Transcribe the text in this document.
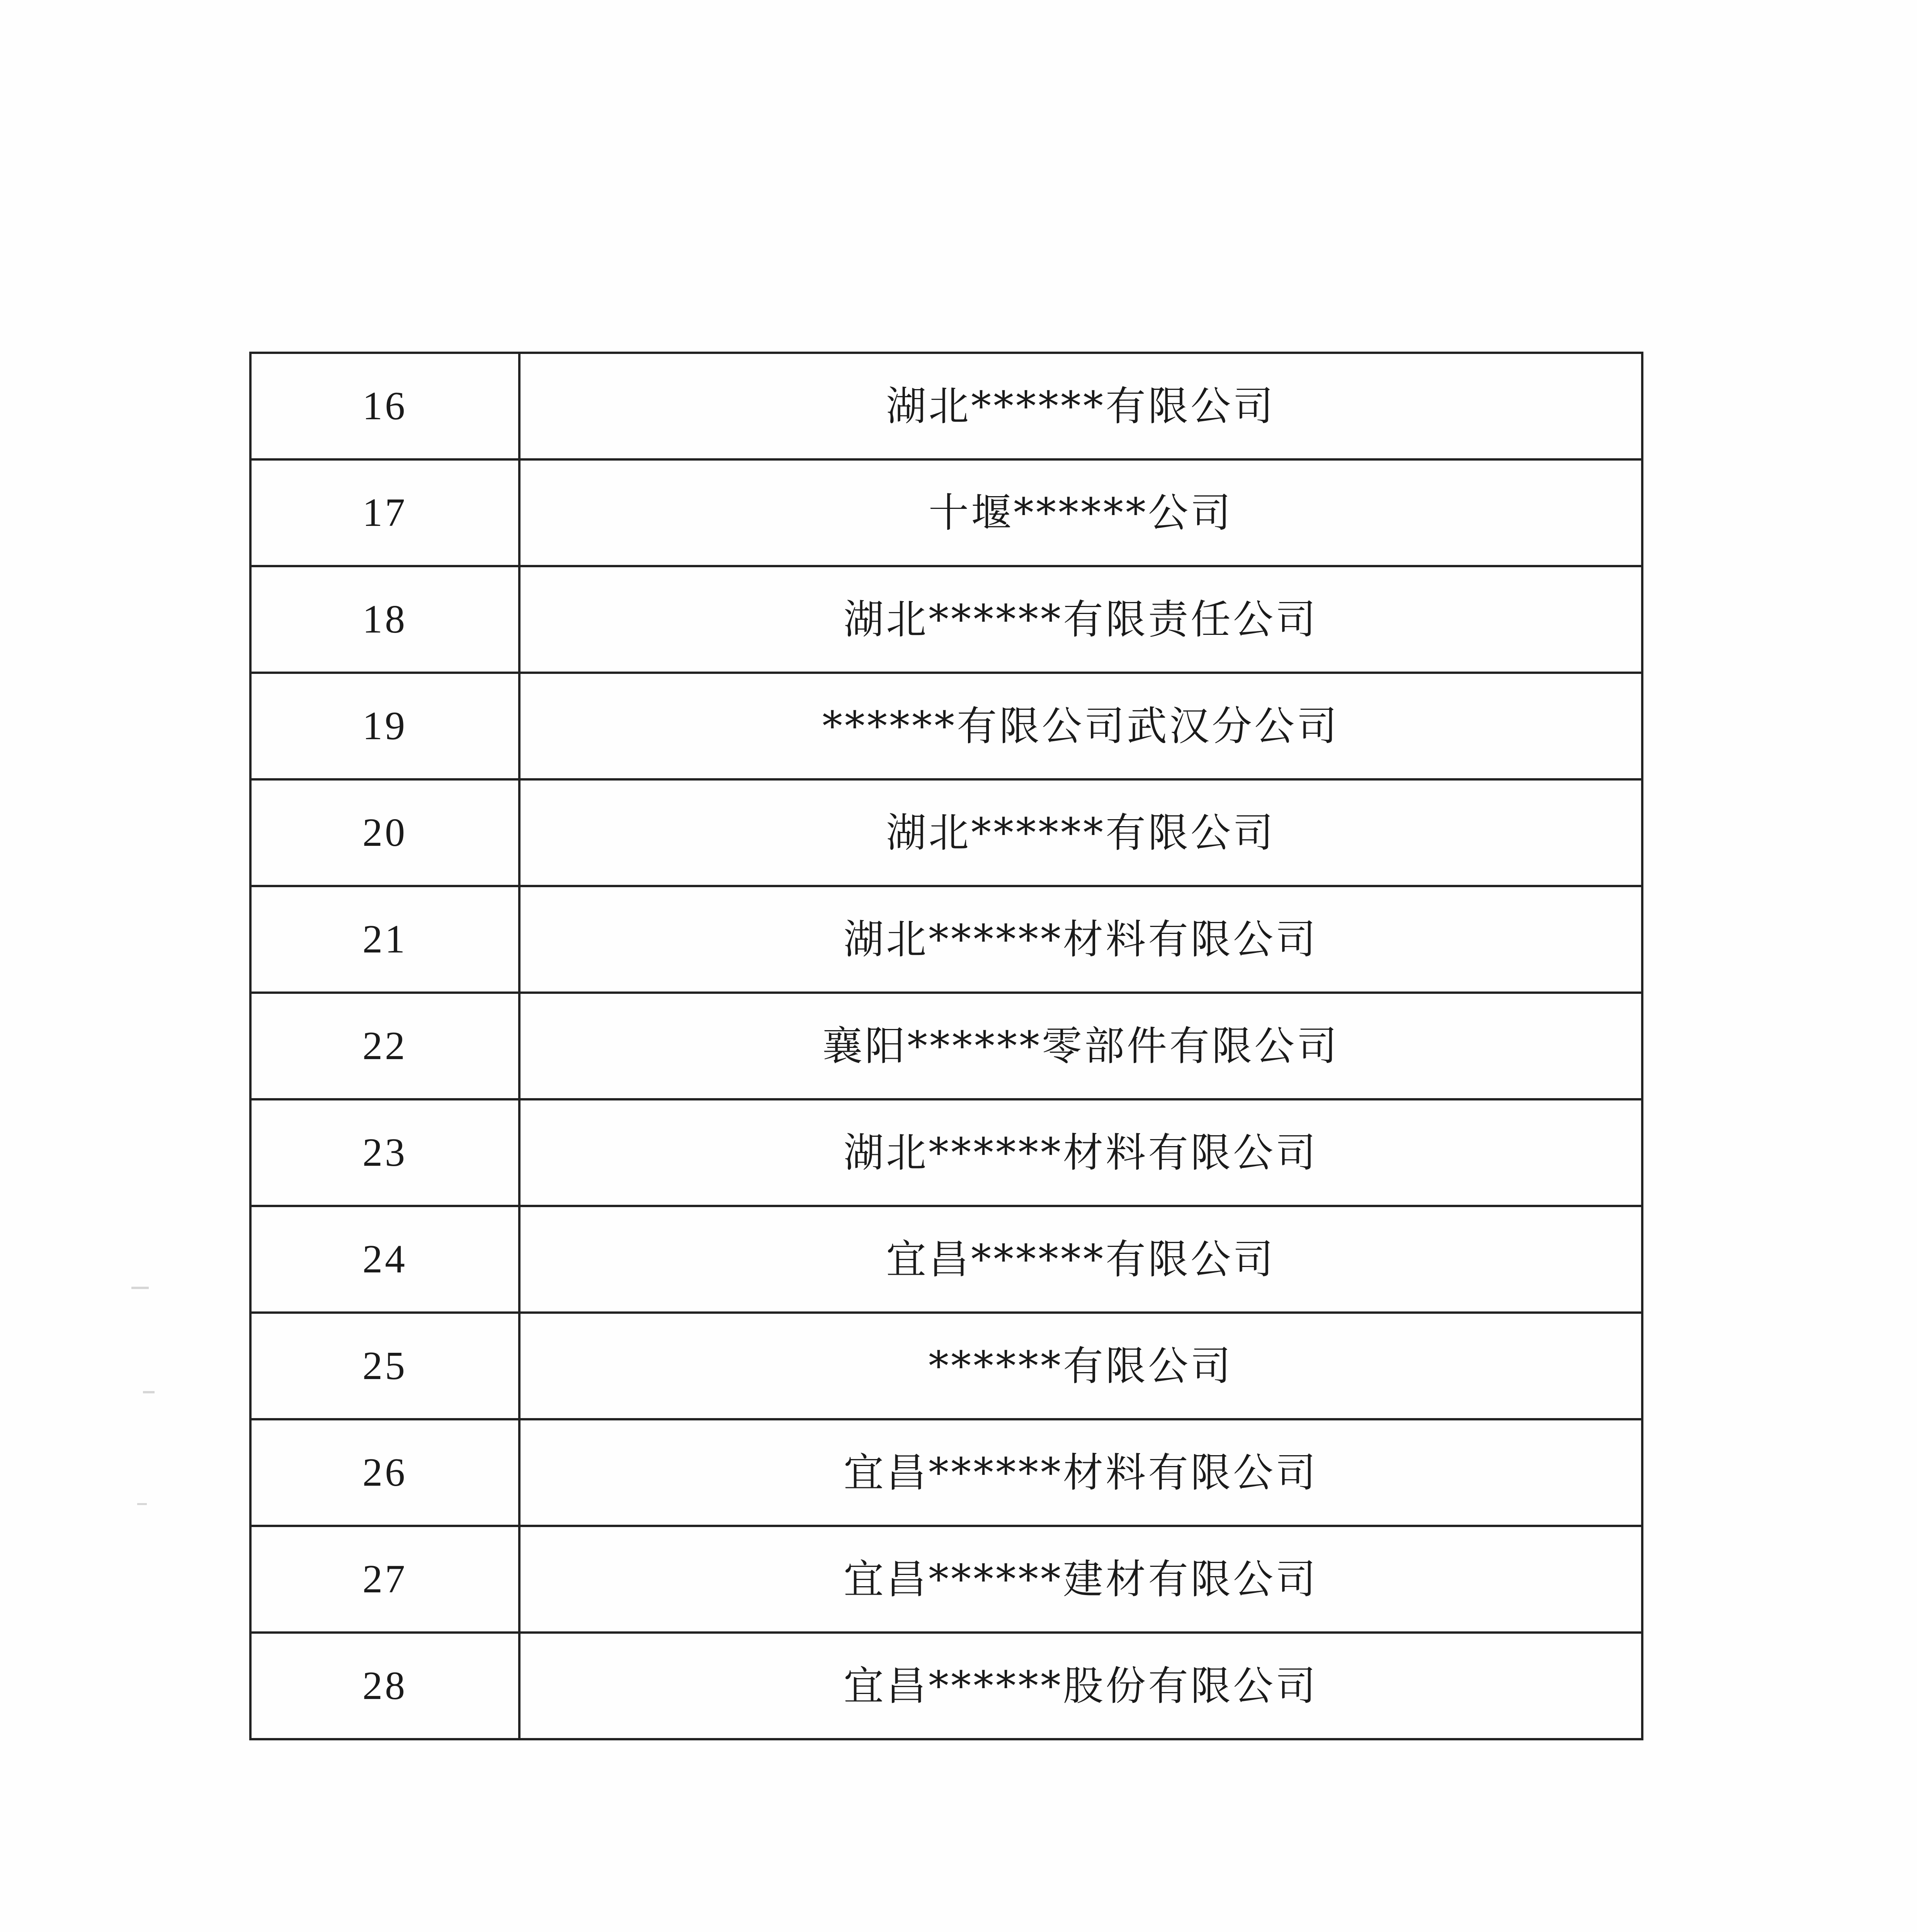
16	湖北******有限公司
17	十堰******公司
18	湖北******有限责任公司
19	******有限公司武汉分公司
20	湖北******有限公司
21	湖北******材料有限公司
22	襄阳******零部件有限公司
23	湖北******材料有限公司
24	宜昌******有限公司
25	******有限公司
26	宜昌******材料有限公司
27	宜昌******建材有限公司
28	宜昌******股份有限公司
